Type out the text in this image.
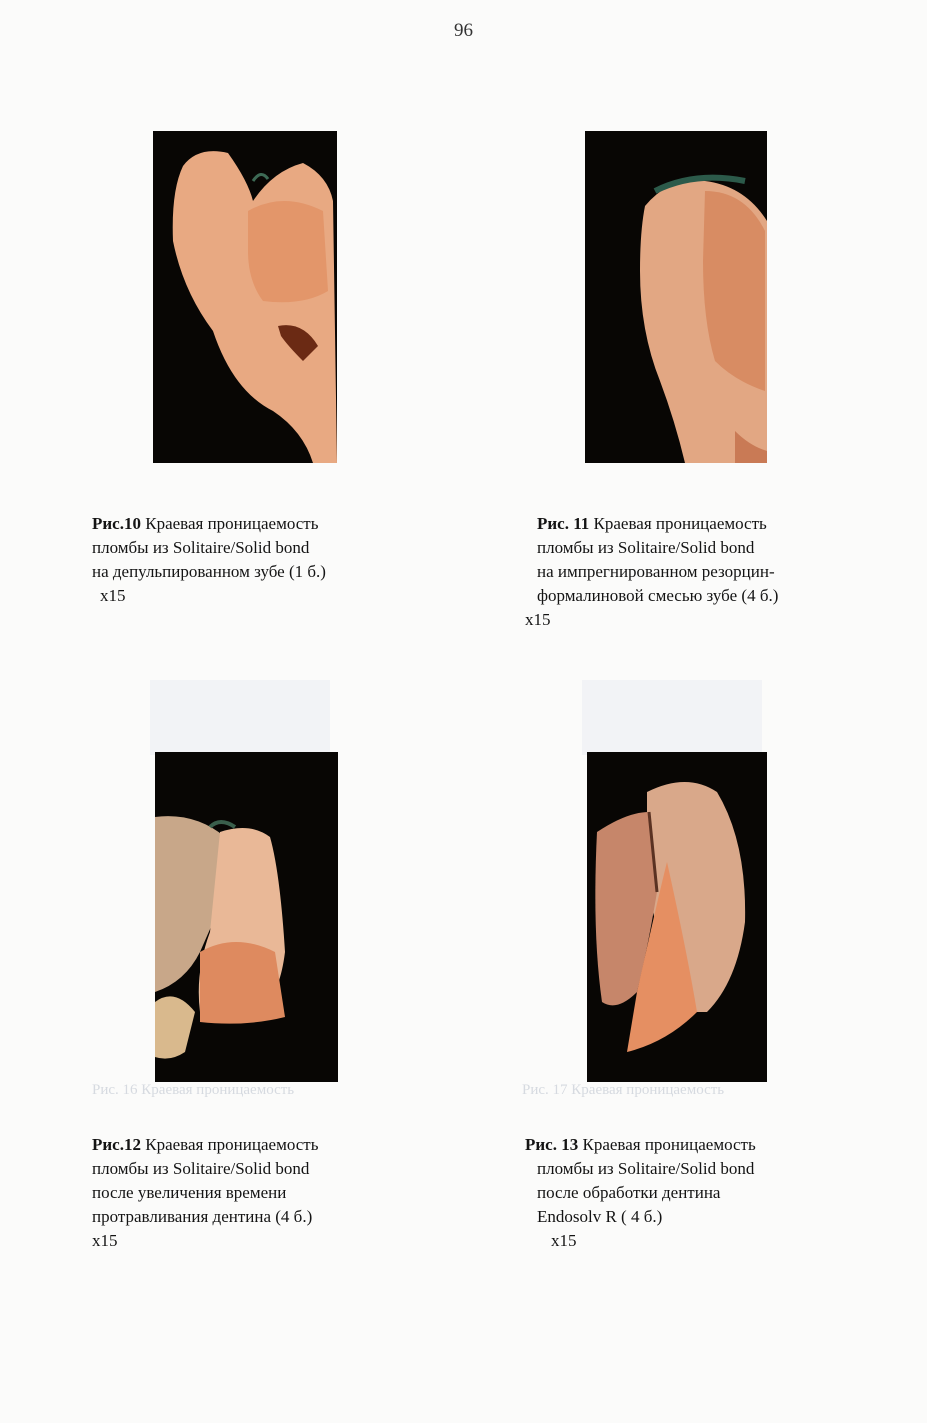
96
Рис.10 Краевая проницаемость
пломбы из Solitaire/Solid bond
на депульпированном зубе (1 б.)
x15
Рис. 11 Краевая проницаемость
пломбы из Solitaire/Solid bond
на импрегнированном резорцин-
формалиновой смесью зубе (4 б.)
x15
Рис. 16 Краевая проницаемость	Рис. 17 Краевая проницаемость
Рис.12 Краевая проницаемость
пломбы из Solitaire/Solid bond
после увеличения времени
протравливания дентина (4 б.)
x15
Рис. 13 Краевая проницаемость
пломбы из Solitaire/Solid bond
после обработки дентина
Endosolv R ( 4 б.)
x15
